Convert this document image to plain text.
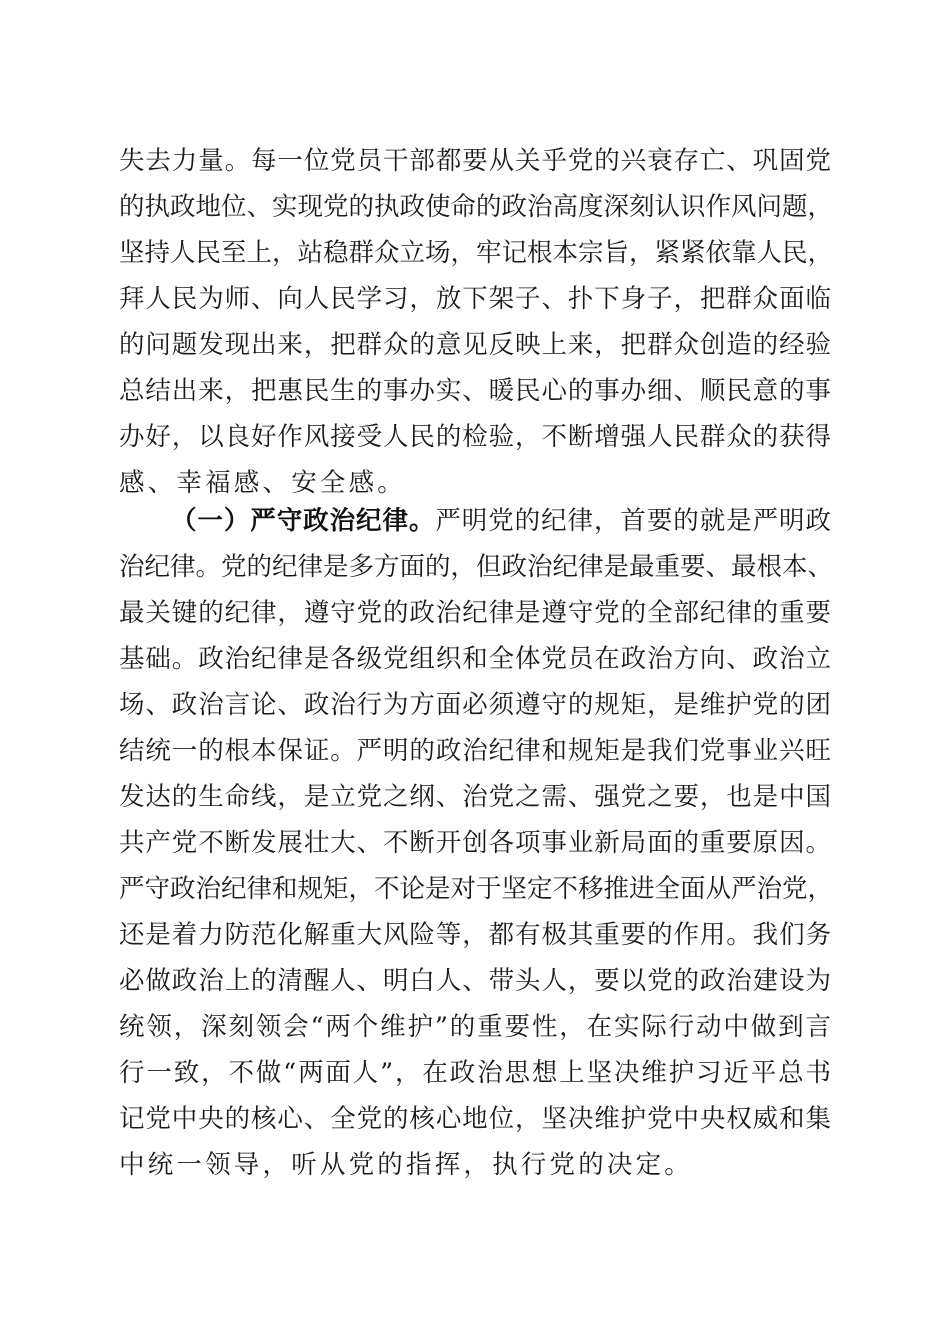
失去力量。每一位党员干部都要从关乎党的兴衰存亡、巩固党
的执政地位、实现党的执政使命的政治高度深刻认识作风问题，
坚持人民至上，站稳群众立场，牢记根本宗旨，紧紧依靠人民，
拜人民为师、向人民学习，放下架子、扑下身子，把群众面临
的问题发现出来，把群众的意见反映上来，把群众创造的经验
总结出来，把惠民生的事办实、暖民心的事办细、顺民意的事
办好，以良好作风接受人民的检验，不断增强人民群众的获得
感、幸福感、安全感。
（一）严守政治纪律。严明党的纪律，首要的就是严明政
治纪律。党的纪律是多方面的，但政治纪律是最重要、最根本、
最关键的纪律，遵守党的政治纪律是遵守党的全部纪律的重要
基础。政治纪律是各级党组织和全体党员在政治方向、政治立
场、政治言论、政治行为方面必须遵守的规矩，是维护党的团
结统一的根本保证。严明的政治纪律和规矩是我们党事业兴旺
发达的生命线，是立党之纲、治党之需、强党之要，也是中国
共产党不断发展壮大、不断开创各项事业新局面的重要原因。
严守政治纪律和规矩，不论是对于坚定不移推进全面从严治党，
还是着力防范化解重大风险等，都有极其重要的作用。我们务
必做政治上的清醒人、明白人、带头人，要以党的政治建设为
统领，深刻领会“两个维护”的重要性，在实际行动中做到言
行一致，不做“两面人”，在政治思想上坚决维护习近平总书
记党中央的核心、全党的核心地位，坚决维护党中央权威和集
中统一领导，听从党的指挥，执行党的决定。
